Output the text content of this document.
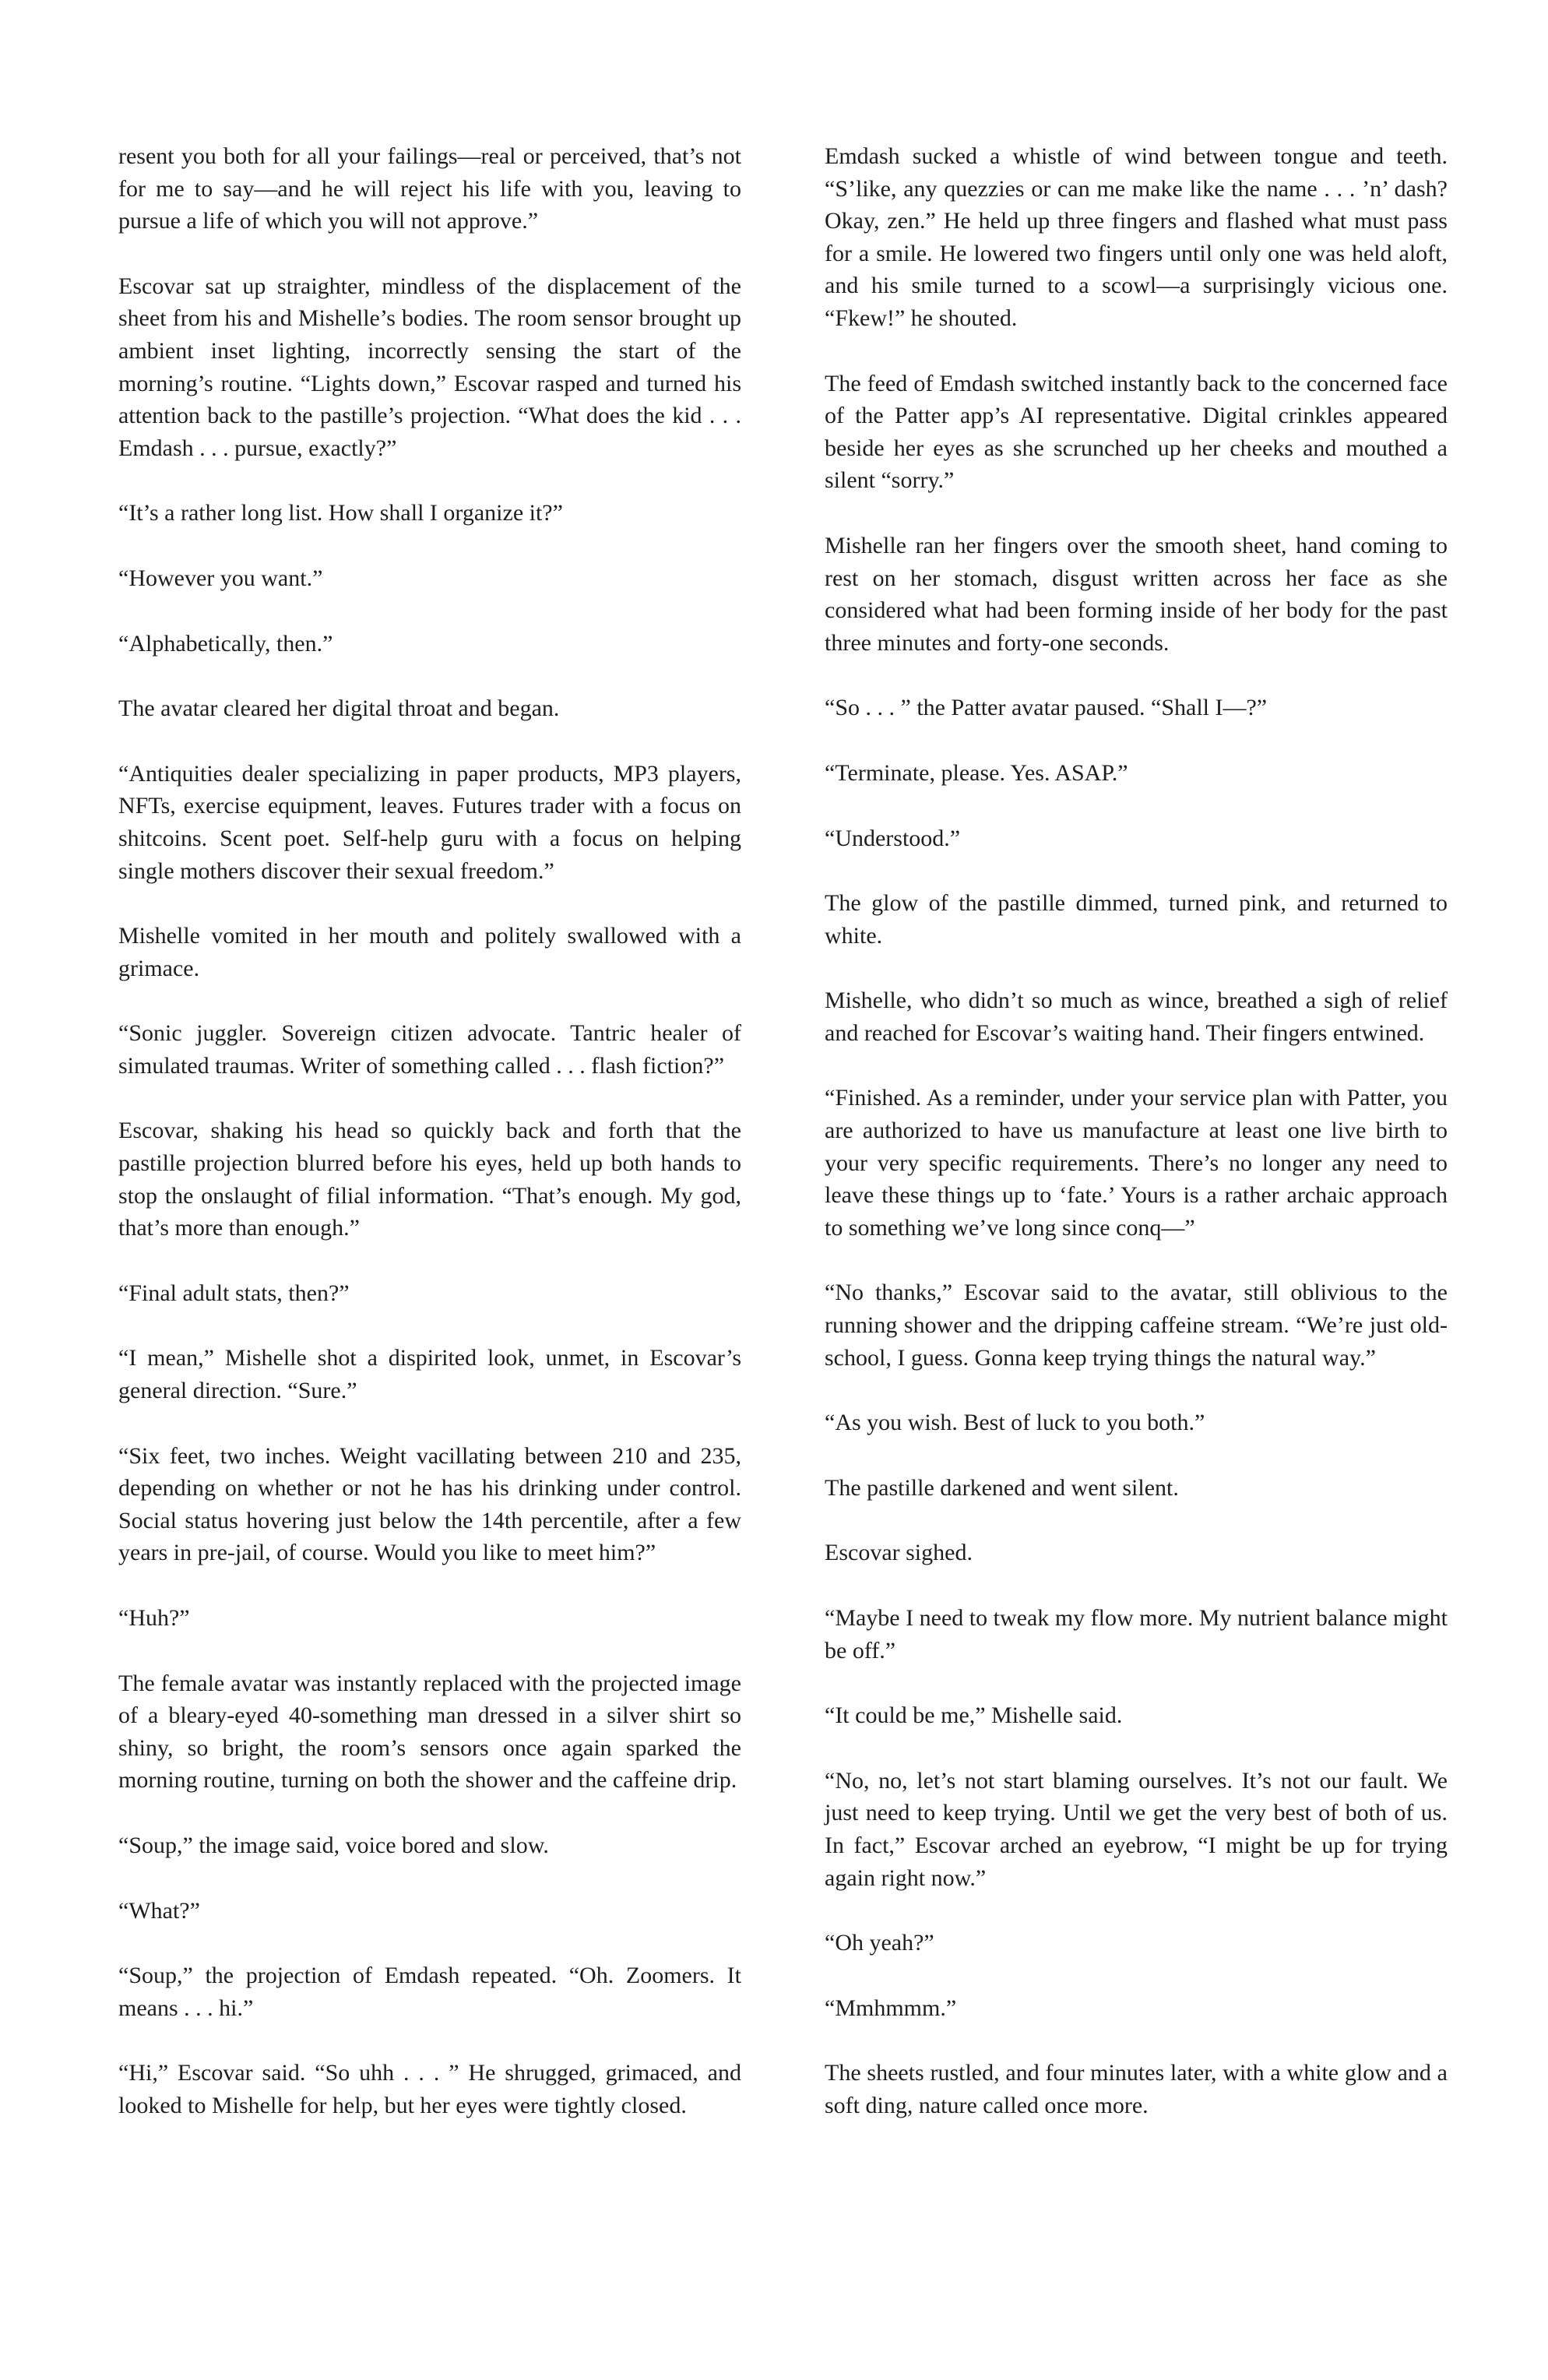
resent you both for all your failings—real or perceived, that’s not for me to say—and he will reject his life with you, leaving to pursue a life of which you will not approve.”

Escovar sat up straighter, mindless of the displacement of the sheet from his and Mishelle’s bodies. The room sensor brought up ambient inset lighting, incorrectly sensing the start of the morning’s routine. “Lights down,” Escovar rasped and turned his attention back to the pastille’s projection. “What does the kid . . . Emdash . . . pursue, exactly?”

“It’s a rather long list. How shall I organize it?”

“However you want.”

“Alphabetically, then.”

The avatar cleared her digital throat and began.

“Antiquities dealer specializing in paper products, MP3 players, NFTs, exercise equipment, leaves. Futures trader with a focus on shitcoins. Scent poet. Self-help guru with a focus on helping single mothers discover their sexual freedom.”

Mishelle vomited in her mouth and politely swallowed with a grimace.

“Sonic juggler. Sovereign citizen advocate. Tantric healer of simulated traumas. Writer of something called . . . flash fiction?”

Escovar, shaking his head so quickly back and forth that the pastille projection blurred before his eyes, held up both hands to stop the onslaught of filial information. “That’s enough. My god, that’s more than enough.”

“Final adult stats, then?”

“I mean,” Mishelle shot a dispirited look, unmet, in Escovar’s general direction. “Sure.”

“Six feet, two inches. Weight vacillating between 210 and 235, depending on whether or not he has his drinking under control. Social status hovering just below the 14th percentile, after a few years in pre-jail, of course. Would you like to meet him?”

“Huh?”

The female avatar was instantly replaced with the projected image of a bleary-eyed 40-something man dressed in a silver shirt so shiny, so bright, the room’s sensors once again sparked the morning routine, turning on both the shower and the caffeine drip.

“Soup,” the image said, voice bored and slow.

“What?”

“Soup,” the projection of Emdash repeated. “Oh. Zoomers. It means . . . hi.”

“Hi,” Escovar said. “So uhh . . . ” He shrugged, grimaced, and looked to Mishelle for help, but her eyes were tightly closed.

Emdash sucked a whistle of wind between tongue and teeth. “S’like, any quezzies or can me make like the name . . . ’n’ dash? Okay, zen.” He held up three fingers and flashed what must pass for a smile. He lowered two fingers until only one was held aloft, and his smile turned to a scowl—a surprisingly vicious one. “Fkew!” he shouted.

The feed of Emdash switched instantly back to the concerned face of the Patter app’s AI representative. Digital crinkles appeared beside her eyes as she scrunched up her cheeks and mouthed a silent “sorry.”

Mishelle ran her fingers over the smooth sheet, hand coming to rest on her stomach, disgust written across her face as she considered what had been forming inside of her body for the past three minutes and forty-one seconds.

“So . . . ” the Patter avatar paused. “Shall I—?”

“Terminate, please. Yes. ASAP.”

“Understood.”

The glow of the pastille dimmed, turned pink, and returned to white.

Mishelle, who didn’t so much as wince, breathed a sigh of relief and reached for Escovar’s waiting hand. Their fingers entwined.

“Finished. As a reminder, under your service plan with Patter, you are authorized to have us manufacture at least one live birth to your very specific requirements. There’s no longer any need to leave these things up to ‘fate.’ Yours is a rather archaic approach to something we’ve long since conq—”

“No thanks,” Escovar said to the avatar, still oblivious to the running shower and the dripping caffeine stream. “We’re just old-school, I guess. Gonna keep trying things the natural way.”

“As you wish. Best of luck to you both.”

The pastille darkened and went silent.

Escovar sighed.

“Maybe I need to tweak my flow more. My nutrient balance might be off.”

“It could be me,” Mishelle said.

“No, no, let’s not start blaming ourselves. It’s not our fault. We just need to keep trying. Until we get the very best of both of us. In fact,” Escovar arched an eyebrow, “I might be up for trying again right now.”

“Oh yeah?”

“Mmhmmm.”

The sheets rustled, and four minutes later, with a white glow and a soft ding, nature called once more.
